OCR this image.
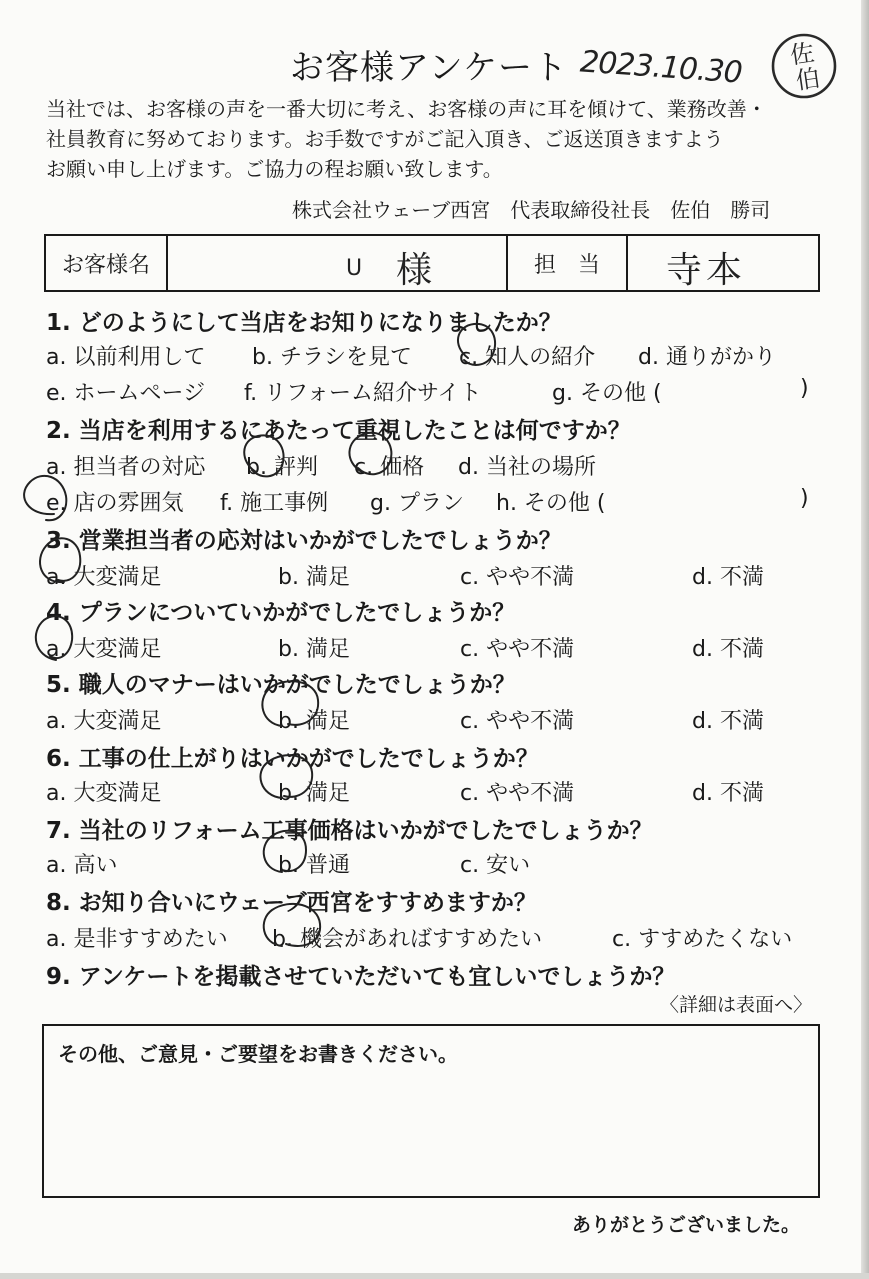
お客様アンケート 2023.10.30 佐
伯
当社では、お客様の声を一番大切に考え、お客様の声に耳を傾けて、業務改善・
社員教育に努めております。お手数ですがご記入頂き、ご返送頂きますよう
お願い申し上げます。ご協力の程お願い致します。
株式会社ウェーブ西宮　代表取締役社長　佐伯　勝司
お客様名	U 様	担　当	寺本
1. どのようにして当店をお知りになりましたか？
a. 以前利用して b. チラシを見て c. 知人の紹介 d. 通りがかり
e. ホームページ f. リフォーム紹介サイト	g. その他 (	)
2. 当店を利用するにあたって重視したことは何ですか？
a. 担当者の対応 b. 評判 c. 価格 d. 当社の場所
e. 店の雰囲気 f. 施工事例 g. プラン h. その他 (	)
3. 営業担当者の応対はいかがでしたでしょうか？
a. 大変満足	b. 満足	c. やや不満	d. 不満
4. プランについていかがでしたでしょうか？
a. 大変満足	b. 満足	c. やや不満	d. 不満
5. 職人のマナーはいかがでしたでしょうか？
a. 大変満足	b. 満足	c. やや不満	d. 不満
6. 工事の仕上がりはいかがでしたでしょうか？
a. 大変満足	b. 満足	c. やや不満	d. 不満
7. 当社のリフォーム工事価格はいかがでしたでしょうか？
a. 高い	b. 普通	c. 安い
8. お知り合いにウェーブ西宮をすすめますか？
a. 是非すすめたい b. 機会があればすすめたい	c. すすめたくない
9. アンケートを掲載させていただいても宜しいでしょうか？
〈詳細は表面へ〉
その他、ご意見・ご要望をお書きください。
ありがとうございました。
